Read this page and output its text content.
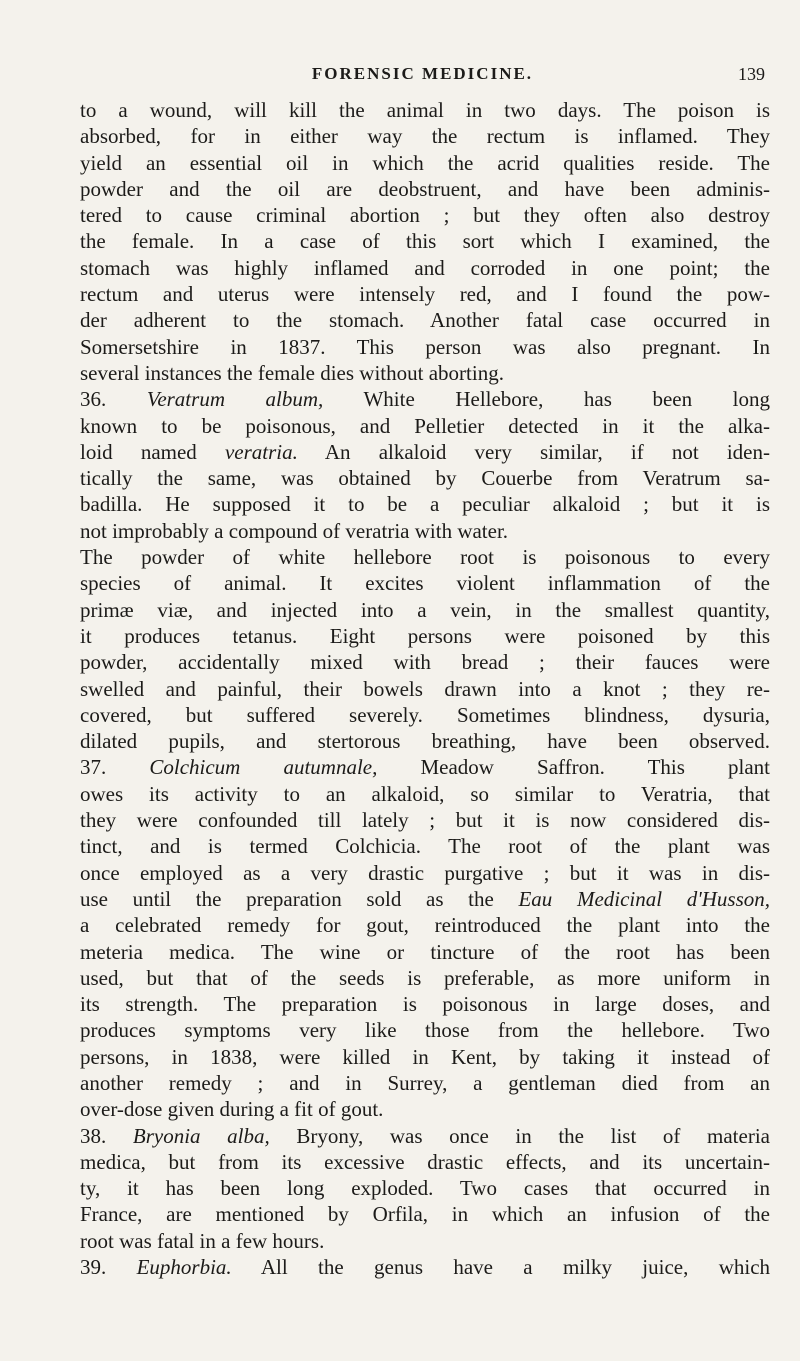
FORENSIC MEDICINE.	139
to a wound, will kill the animal in two days. The poison is
absorbed, for in either way the rectum is inflamed. They
yield an essential oil in which the acrid qualities reside. The
powder and the oil are deobstruent, and have been adminis-
tered to cause criminal abortion ; but they often also destroy
the female. In a case of this sort which I examined, the
stomach was highly inflamed and corroded in one point; the
rectum and uterus were intensely red, and I found the pow-
der adherent to the stomach. Another fatal case occurred in
Somersetshire in 1837. This person was also pregnant. In
several instances the female dies without aborting.
36. Veratrum album, White Hellebore, has been long
known to be poisonous, and Pelletier detected in it the alka-
loid named veratria. An alkaloid very similar, if not iden-
tically the same, was obtained by Couerbe from Veratrum sa-
badilla. He supposed it to be a peculiar alkaloid ; but it is
not improbably a compound of veratria with water.
The powder of white hellebore root is poisonous to every
species of animal. It excites violent inflammation of the
primæ viæ, and injected into a vein, in the smallest quantity,
it produces tetanus. Eight persons were poisoned by this
powder, accidentally mixed with bread ; their fauces were
swelled and painful, their bowels drawn into a knot ; they re-
covered, but suffered severely. Sometimes blindness, dysuria,
dilated pupils, and stertorous breathing, have been observed.
37. Colchicum autumnale, Meadow Saffron. This plant
owes its activity to an alkaloid, so similar to Veratria, that
they were confounded till lately ; but it is now considered dis-
tinct, and is termed Colchicia. The root of the plant was
once employed as a very drastic purgative ; but it was in dis-
use until the preparation sold as the Eau Medicinal d'Husson,
a celebrated remedy for gout, reintroduced the plant into the
meteria medica. The wine or tincture of the root has been
used, but that of the seeds is preferable, as more uniform in
its strength. The preparation is poisonous in large doses, and
produces symptoms very like those from the hellebore. Two
persons, in 1838, were killed in Kent, by taking it instead of
another remedy ; and in Surrey, a gentleman died from an
over-dose given during a fit of gout.
38. Bryonia alba, Bryony, was once in the list of materia
medica, but from its excessive drastic effects, and its uncertain-
ty, it has been long exploded. Two cases that occurred in
France, are mentioned by Orfila, in which an infusion of the
root was fatal in a few hours.
39. Euphorbia. All the genus have a milky juice, which
